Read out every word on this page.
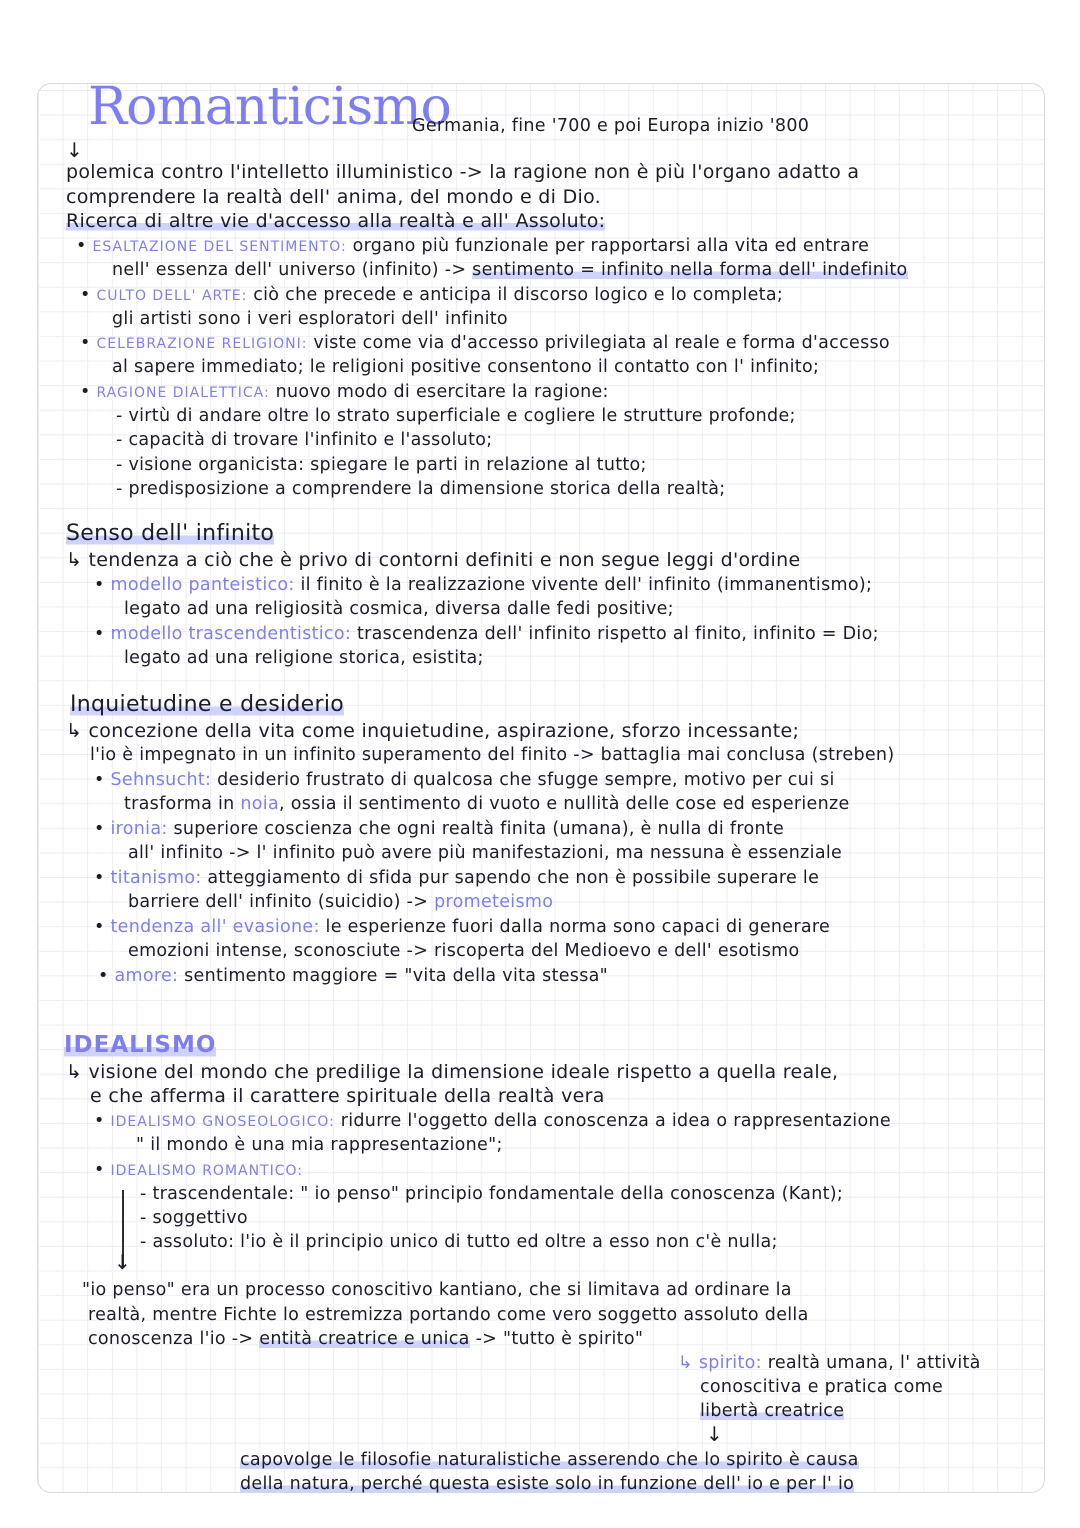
Romanticismo
Germania, fine '700 e poi Europa inizio '800
↓
polemica contro l'intelletto illuministico -> la ragione non è più l'organo adatto a
comprendere la realtà dell' anima, del mondo e di Dio.
Ricerca di altre vie d'accesso alla realtà e all' Assoluto:
• ESALTAZIONE DEL SENTIMENTO: organo più funzionale per rapportarsi alla vita ed entrare
nell' essenza dell' universo (infinito) -> sentimento = infinito nella forma dell' indefinito
• CULTO DELL' ARTE: ciò che precede e anticipa il discorso logico e lo completa;
gli artisti sono i veri esploratori dell' infinito
• CELEBRAZIONE RELIGIONI: viste come via d'accesso privilegiata al reale e forma d'accesso
al sapere immediato; le religioni positive consentono il contatto con l' infinito;
• RAGIONE DIALETTICA: nuovo modo di esercitare la ragione:
- virtù di andare oltre lo strato superficiale e cogliere le strutture profonde;
- capacità di trovare l'infinito e l'assoluto;
- visione organicista: spiegare le parti in relazione al tutto;
- predisposizione a comprendere la dimensione storica della realtà;
Senso dell' infinito
↳ tendenza a ciò che è privo di contorni definiti e non segue leggi d'ordine
• modello panteistico: il finito è la realizzazione vivente dell' infinito (immanentismo);
legato ad una religiosità cosmica, diversa dalle fedi positive;
• modello trascendentistico: trascendenza dell' infinito rispetto al finito, infinito = Dio;
legato ad una religione storica, esistita;
Inquietudine e desiderio
↳ concezione della vita come inquietudine, aspirazione, sforzo incessante;
l'io è impegnato in un infinito superamento del finito -> battaglia mai conclusa (streben)
• Sehnsucht: desiderio frustrato di qualcosa che sfugge sempre, motivo per cui si
trasforma in noia, ossia il sentimento di vuoto e nullità delle cose ed esperienze
• ironia: superiore coscienza che ogni realtà finita (umana), è nulla di fronte
all' infinito -> l' infinito può avere più manifestazioni, ma nessuna è essenziale
• titanismo: atteggiamento di sfida pur sapendo che non è possibile superare le
barriere dell' infinito (suicidio) -> prometeismo
• tendenza all' evasione: le esperienze fuori dalla norma sono capaci di generare
emozioni intense, sconosciute -> riscoperta del Medioevo e dell' esotismo
• amore: sentimento maggiore = "vita della vita stessa"
IDEALISMO
↳ visione del mondo che predilige la dimensione ideale rispetto a quella reale,
e che afferma il carattere spirituale della realtà vera
• IDEALISMO GNOSEOLOGICO: ridurre l'oggetto della conoscenza a idea o rappresentazione
" il mondo è una mia rappresentazione";
• IDEALISMO ROMANTICO:
↓
- trascendentale: " io penso" principio fondamentale della conoscenza (Kant);
- soggettivo
- assoluto: l'io è il principio unico di tutto ed oltre a esso non c'è nulla;
"io penso" era un processo conoscitivo kantiano, che si limitava ad ordinare la
realtà, mentre Fichte lo estremizza portando come vero soggetto assoluto della
conoscenza l'io -> entità creatrice e unica -> "tutto è spirito"
↳ spirito: realtà umana, l' attività
conoscitiva e pratica come
libertà creatrice
↓
capovolge le filosofie naturalistiche asserendo che lo spirito è causa
della natura, perché questa esiste solo in funzione dell' io e per l' io
